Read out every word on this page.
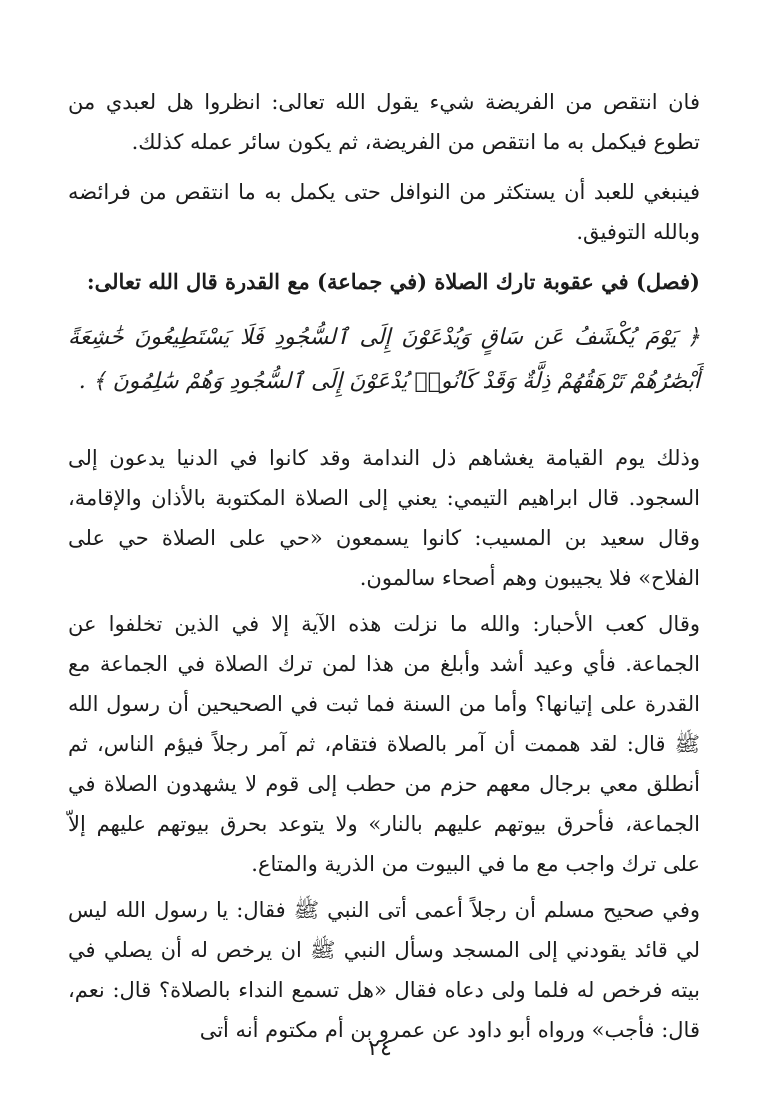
فان انتقص من الفريضة شيء يقول الله تعالى: انظروا هل لعبدي من تطوع فيكمل به ما انتقص من الفريضة، ثم يكون سائر عمله كذلك.

فينبغي للعبد أن يستكثر من النوافل حتى يكمل به ما انتقص من فرائضه وبالله التوفيق.

(فصل) في عقوبة تارك الصلاة (في جماعة) مع القدرة قال الله تعالى:

﴿ يَوْمَ يُكْشَفُ عَن سَاقٍ وَيُدْعَوْنَ إِلَى ٱلسُّجُودِ فَلَا يَسْتَطِيعُونَ خَٰشِعَةً أَبْصَٰرُهُمْ تَرْهَقُهُمْ ذِلَّةٌ وَقَدْ كَانُوا۟ يُدْعَوْنَ إِلَى ٱلسُّجُودِ وَهُمْ سَٰلِمُونَ ﴾ .

وذلك يوم القيامة يغشاهم ذل الندامة وقد كانوا في الدنيا يدعون إلى السجود. قال ابراهيم التيمي: يعني إلى الصلاة المكتوبة بالأذان والإقامة، وقال سعيد بن المسيب: كانوا يسمعون «حي على الصلاة حي على الفلاح» فلا يجيبون وهم أصحاء سالمون.

وقال كعب الأحبار: والله ما نزلت هذه الآية إلا في الذين تخلفوا عن الجماعة. فأي وعيد أشد وأبلغ من هذا لمن ترك الصلاة في الجماعة مع القدرة على إتيانها؟ وأما من السنة فما ثبت في الصحيحين أن رسول الله ﷺ قال: لقد هممت أن آمر بالصلاة فتقام، ثم آمر رجلاً فيؤم الناس، ثم أنطلق معي برجال معهم حزم من حطب إلى قوم لا يشهدون الصلاة في الجماعة، فأحرق بيوتهم عليهم بالنار» ولا يتوعد بحرق بيوتهم عليهم إلاّ على ترك واجب مع ما في البيوت من الذرية والمتاع.

وفي صحيح مسلم أن رجلاً أعمى أتى النبي ﷺ فقال: يا رسول الله ليس لي قائد يقودني إلى المسجد وسأل النبي ﷺ ان يرخص له أن يصلي في بيته فرخص له فلما ولى دعاه فقال «هل تسمع النداء بالصلاة؟ قال: نعم، قال: فأجب» ورواه أبو داود عن عمرو بن أم مكتوم أنه أتى

٢٤
